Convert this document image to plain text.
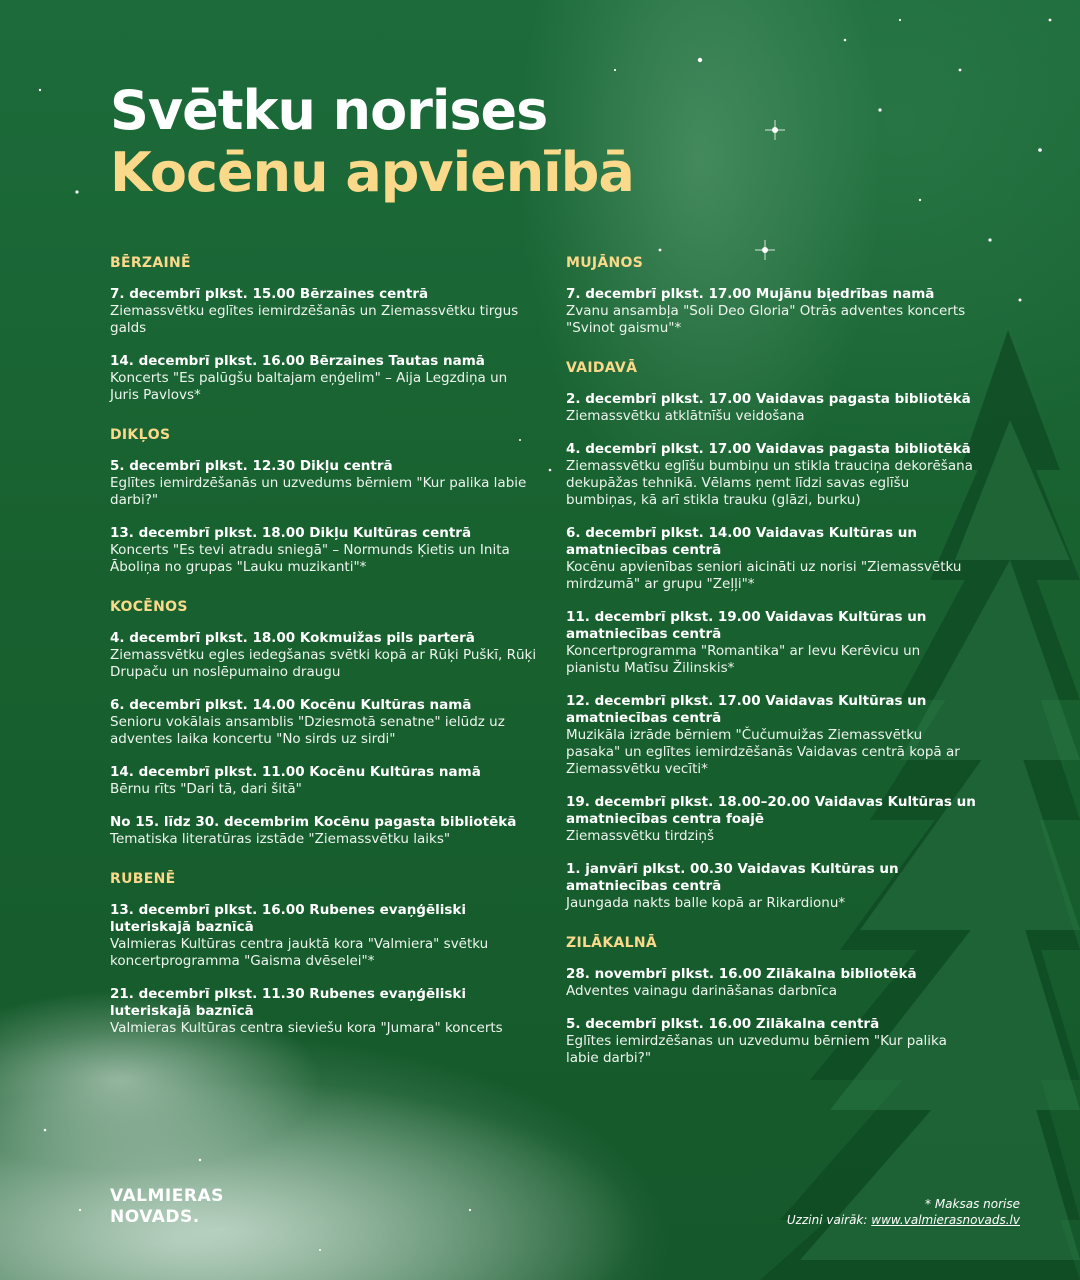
Svētku norises
Kocēnu apvienībā
BĒRZAINĒ
7. decembrī plkst. 15.00 Bērzaines centrā
Ziemassvētku eglītes iemirdzēšanās un Ziemassvētku tirgus galds
14. decembrī plkst. 16.00 Bērzaines Tautas namā
Koncerts "Es palūgšu baltajam eņģelim" – Aija Legzdiņa un Juris Pavlovs*
DIKĻOS
5. decembrī plkst. 12.30 Dikļu centrā
Eglītes iemirdzēšanās un uzvedums bērniem "Kur palika labie darbi?"
13. decembrī plkst. 18.00 Dikļu Kultūras centrā
Koncerts "Es tevi atradu sniegā" – Normunds Ķietis un Inita Āboliņa no grupas "Lauku muzikanti"*
KOCĒNOS
4. decembrī plkst. 18.00 Kokmuižas pils parterā
Ziemassvētku egles iedegšanas svētki kopā ar Rūķi Puškī, Rūķi Drupaču un noslēpumaino draugu
6. decembrī plkst. 14.00 Kocēnu Kultūras namā
Senioru vokālais ansamblis "Dziesmotā senatne" ielūdz uz adventes laika koncertu "No sirds uz sirdi"
14. decembrī plkst. 11.00 Kocēnu Kultūras namā
Bērnu rīts "Dari tā, dari šitā"
No 15. līdz 30. decembrim Kocēnu pagasta bibliotēkā
Tematiska literatūras izstāde "Ziemassvētku laiks"
RUBENĒ
13. decembrī plkst. 16.00 Rubenes evaņģēliski luteriskajā baznīcā
Valmieras Kultūras centra jauktā kora "Valmiera" svētku koncertprogramma "Gaisma dvēselei"*
21. decembrī plkst. 11.30 Rubenes evaņģēliski luteriskajā baznīcā
Valmieras Kultūras centra sieviešu kora "Jumara" koncerts
MUJĀNOS
7. decembrī plkst. 17.00 Mujānu biedrības namā
Zvanu ansambļa "Soli Deo Gloria" Otrās adventes koncerts "Svinot gaismu"*
VAIDAVĀ
2. decembrī plkst. 17.00 Vaidavas pagasta bibliotēkā
Ziemassvētku atklātnīšu veidošana
4. decembrī plkst. 17.00 Vaidavas pagasta bibliotēkā
Ziemassvētku eglīšu bumbiņu un stikla trauciņa dekorēšana dekupāžas tehnikā. Vēlams ņemt līdzi savas eglīšu bumbiņas, kā arī stikla trauku (glāzi, burku)
6. decembrī plkst. 14.00 Vaidavas Kultūras un amatniecības centrā
Kocēnu apvienības seniori aicināti uz norisi "Ziemassvētku mirdzumā" ar grupu "Zeļļi"*
11. decembrī plkst. 19.00 Vaidavas Kultūras un amatniecības centrā
Koncertprogramma "Romantika" ar Ievu Kerēvicu un pianistu Matīsu Žilinskis*
12. decembrī plkst. 17.00 Vaidavas Kultūras un amatniecības centrā
Muzikāla izrāde bērniem "Čučumuižas Ziemassvētku pasaka" un eglītes iemirdzēšanās Vaidavas centrā kopā ar Ziemassvētku vecīti*
19. decembrī plkst. 18.00–20.00 Vaidavas Kultūras un amatniecības centra foajē
Ziemassvētku tirdziņš
1. janvārī plkst. 00.30 Vaidavas Kultūras un amatniecības centrā
Jaungada nakts balle kopā ar Rikardionu*
ZILĀKALNĀ
28. novembrī plkst. 16.00 Zilākalna bibliotēkā
Adventes vainagu darināšanas darbnīca
5. decembrī plkst. 16.00 Zilākalna centrā
Eglītes iemirdzēšanas un uzvedumu bērniem "Kur palika labie darbi?"
VALMIERAS
NOVADS.
* Maksas norise
Uzzini vairāk: www.valmierasnovads.lv
